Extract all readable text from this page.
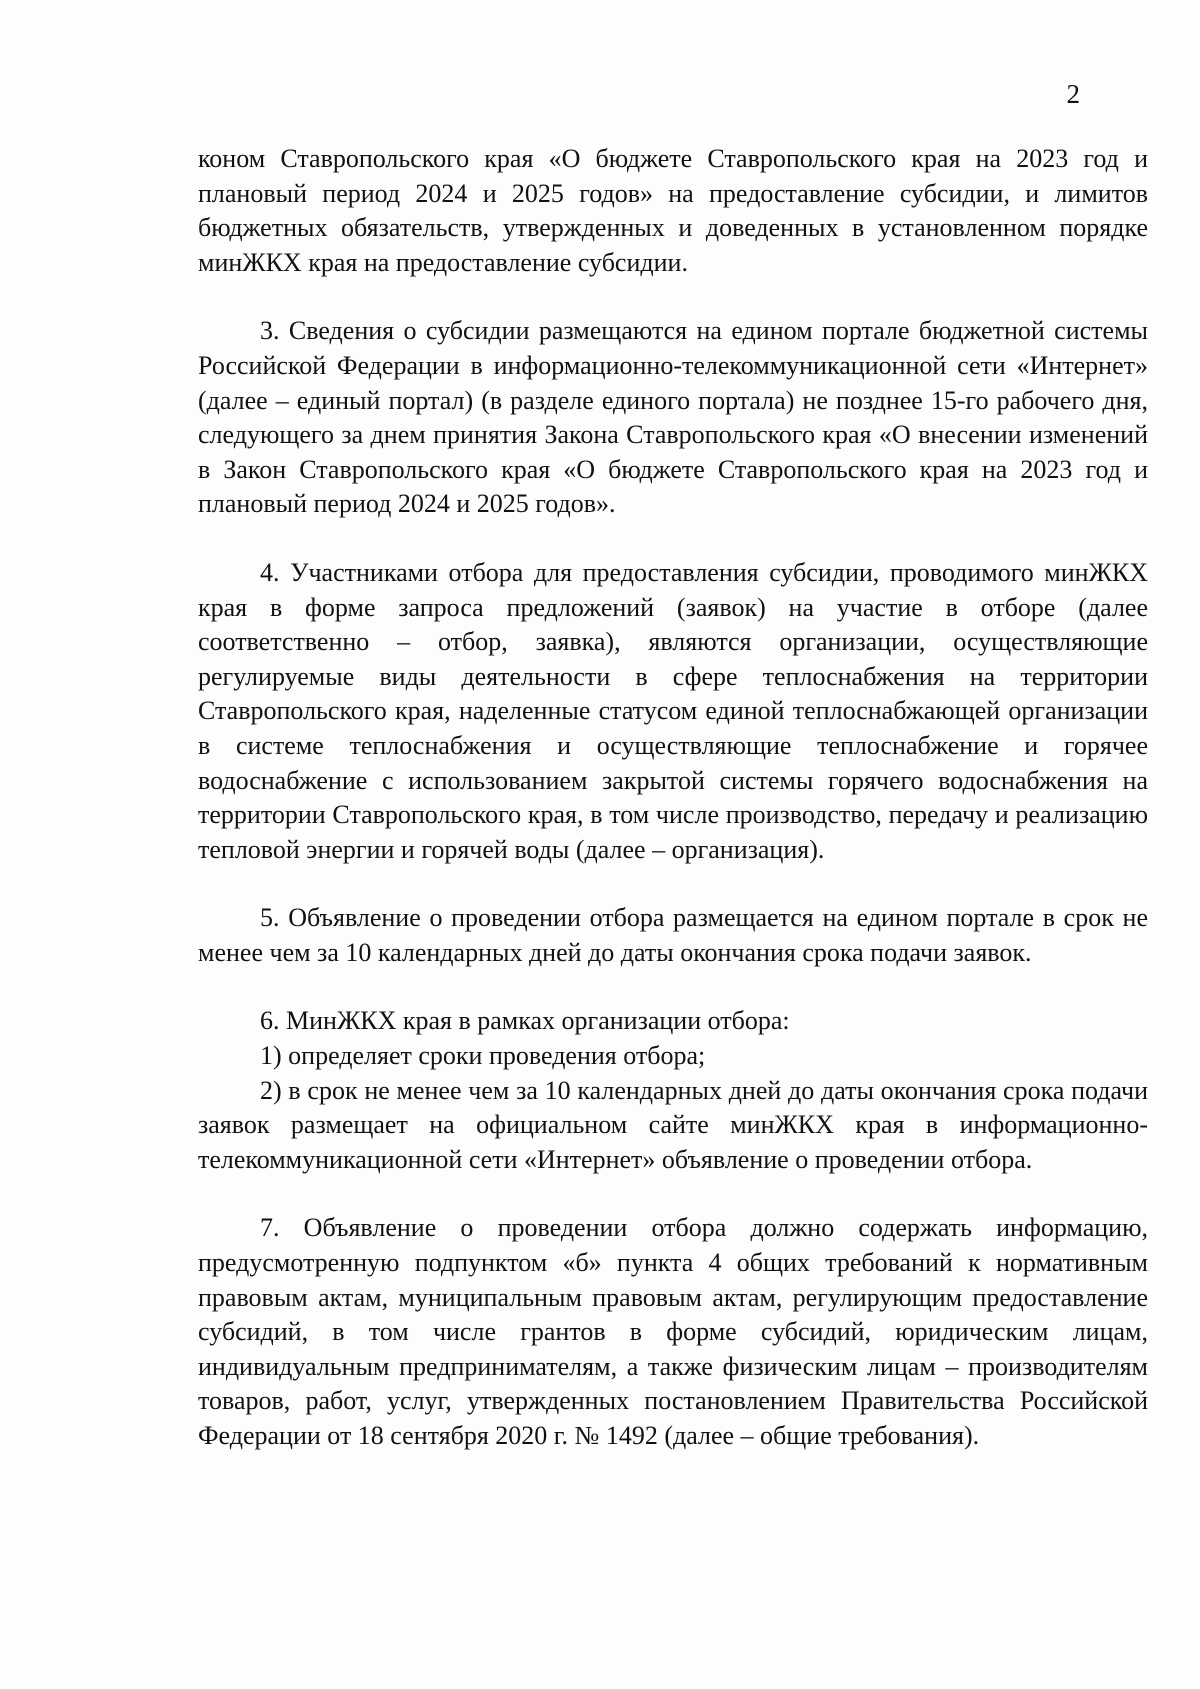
2

коном Ставропольского края «О бюджете Ставропольского края на 2023 год и плановый период 2024 и 2025 годов» на предоставление субсидии, и лимитов бюджетных обязательств, утвержденных и доведенных в установленном порядке минЖКХ края на предоставление субсидии.

3. Сведения о субсидии размещаются на едином портале бюджетной системы Российской Федерации в информационно-телекоммуникационной сети «Интернет» (далее – единый портал) (в разделе единого портала) не позднее 15-го рабочего дня, следующего за днем принятия Закона Ставропольского края «О внесении изменений в Закон Ставропольского края «О бюджете Ставропольского края на 2023 год и плановый период 2024 и 2025 годов».

4. Участниками отбора для предоставления субсидии, проводимого минЖКХ края в форме запроса предложений (заявок) на участие в отборе (далее соответственно – отбор, заявка), являются организации, осуществляющие регулируемые виды деятельности в сфере теплоснабжения на территории Ставропольского края, наделенные статусом единой теплоснабжающей организации в системе теплоснабжения и осуществляющие теплоснабжение и горячее водоснабжение с использованием закрытой системы горячего водоснабжения на территории Ставропольского края, в том числе производство, передачу и реализацию тепловой энергии и горячей воды (далее – организация).

5. Объявление о проведении отбора размещается на едином портале в срок не менее чем за 10 календарных дней до даты окончания срока подачи заявок.

6. МинЖКХ края в рамках организации отбора:

1) определяет сроки проведения отбора;

2) в срок не менее чем за 10 календарных дней до даты окончания срока подачи заявок размещает на официальном сайте минЖКХ края в информационно-телекоммуникационной сети «Интернет» объявление о проведении отбора.

7. Объявление о проведении отбора должно содержать информацию, предусмотренную подпунктом «б» пункта 4 общих требований к нормативным правовым актам, муниципальным правовым актам, регулирующим предоставление субсидий, в том числе грантов в форме субсидий, юридическим лицам, индивидуальным предпринимателям, а также физическим лицам – производителям товаров, работ, услуг, утвержденных постановлением Правительства Российской Федерации от 18 сентября 2020 г. № 1492 (далее – общие требования).
